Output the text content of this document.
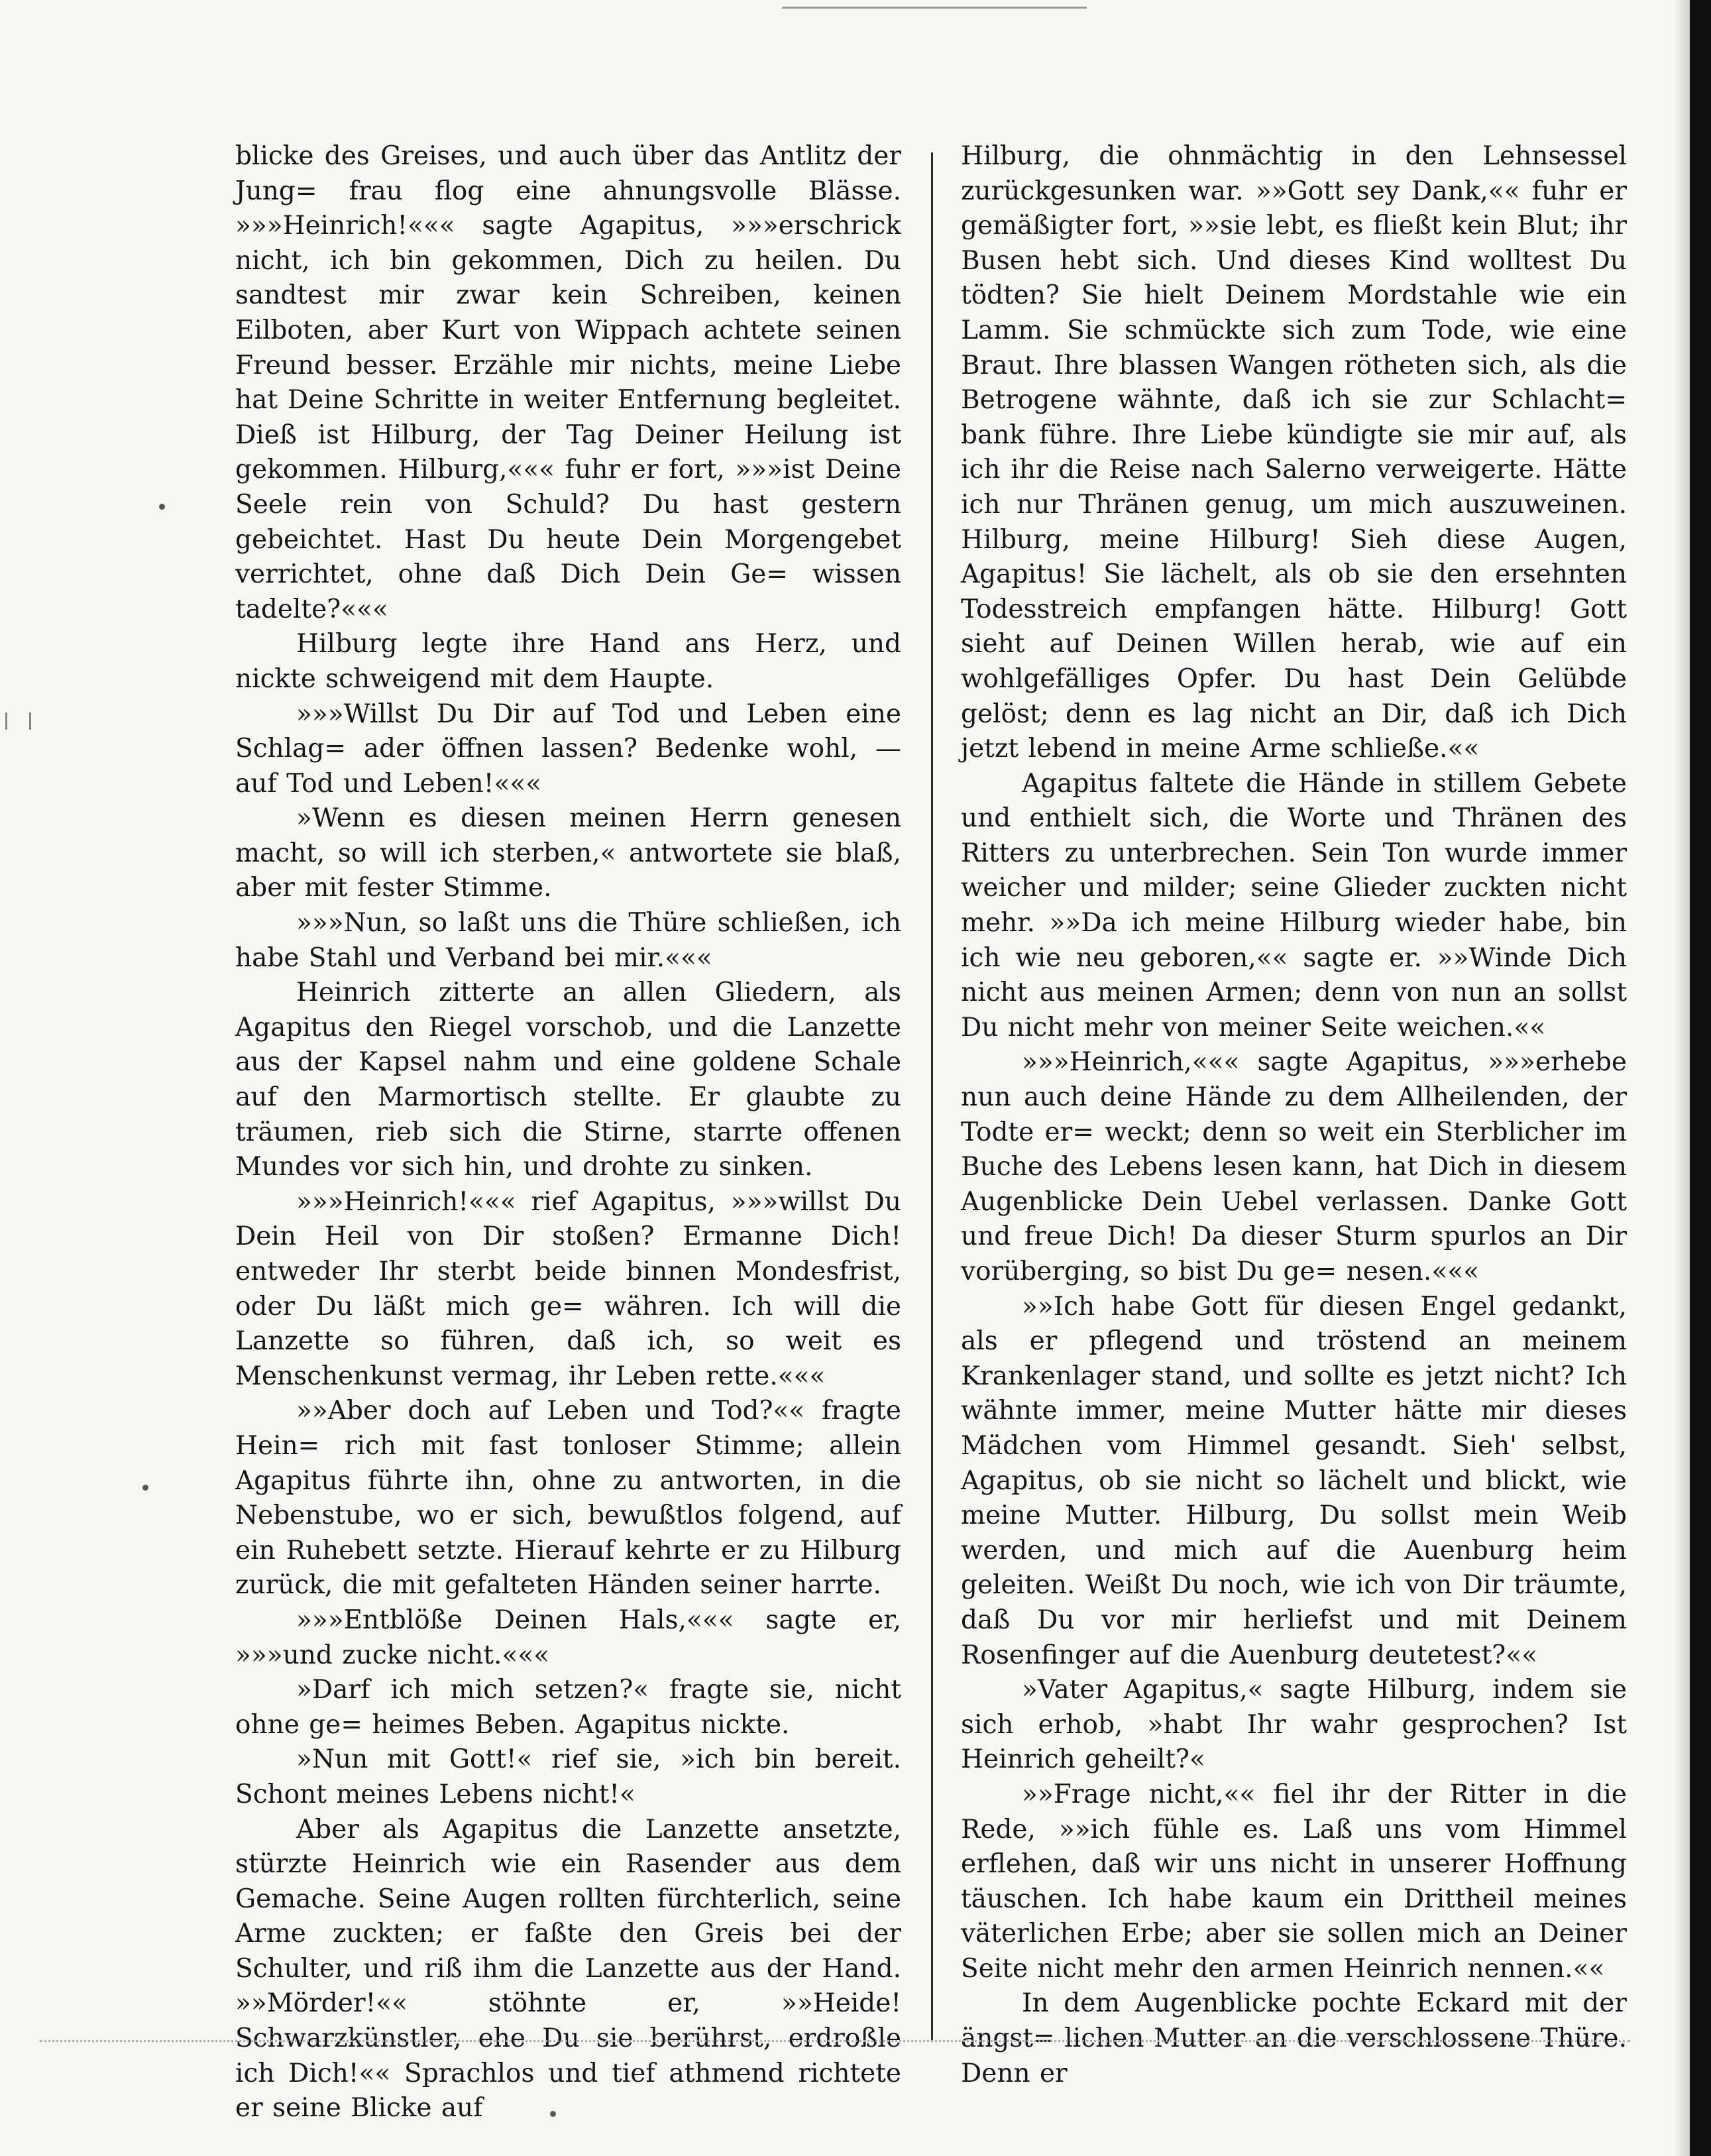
blicke des Greises, und auch über das Antlitz der Jung= frau flog eine ahnungsvolle Blässe. »»»Heinrich!««« sagte Agapitus, »»»erschrick nicht, ich bin gekommen, Dich zu heilen. Du sandtest mir zwar kein Schreiben, keinen Eilboten, aber Kurt von Wippach achtete seinen Freund besser. Erzähle mir nichts, meine Liebe hat Deine Schritte in weiter Entfernung begleitet. Dieß ist Hilburg, der Tag Deiner Heilung ist gekommen. Hilburg,««« fuhr er fort, »»»ist Deine Seele rein von Schuld? Du hast gestern gebeichtet. Hast Du heute Dein Morgengebet verrichtet, ohne daß Dich Dein Ge= wissen tadelte?«««

Hilburg legte ihre Hand ans Herz, und nickte schweigend mit dem Haupte.

»»»Willst Du Dir auf Tod und Leben eine Schlag= ader öffnen lassen? Bedenke wohl, — auf Tod und Leben!«««

»Wenn es diesen meinen Herrn genesen macht, so will ich sterben,« antwortete sie blaß, aber mit fester Stimme.

»»»Nun, so laßt uns die Thüre schließen, ich habe Stahl und Verband bei mir.«««

Heinrich zitterte an allen Gliedern, als Agapitus den Riegel vorschob, und die Lanzette aus der Kapsel nahm und eine goldene Schale auf den Marmortisch stellte. Er glaubte zu träumen, rieb sich die Stirne, starrte offenen Mundes vor sich hin, und drohte zu sinken.

»»»Heinrich!««« rief Agapitus, »»»willst Du Dein Heil von Dir stoßen? Ermanne Dich! entweder Ihr sterbt beide binnen Mondesfrist, oder Du läßt mich ge= währen. Ich will die Lanzette so führen, daß ich, so weit es Menschenkunst vermag, ihr Leben rette.«««

»»Aber doch auf Leben und Tod?«« fragte Hein= rich mit fast tonloser Stimme; allein Agapitus führte ihn, ohne zu antworten, in die Nebenstube, wo er sich, bewußtlos folgend, auf ein Ruhebett setzte. Hierauf kehrte er zu Hilburg zurück, die mit gefalteten Händen seiner harrte.

»»»Entblöße Deinen Hals,««« sagte er, »»»und zucke nicht.«««

»Darf ich mich setzen?« fragte sie, nicht ohne ge= heimes Beben. Agapitus nickte.

»Nun mit Gott!« rief sie, »ich bin bereit. Schont meines Lebens nicht!«

Aber als Agapitus die Lanzette ansetzte, stürzte Heinrich wie ein Rasender aus dem Gemache. Seine Augen rollten fürchterlich, seine Arme zuckten; er faßte den Greis bei der Schulter, und riß ihm die Lanzette aus der Hand. »»Mörder!«« stöhnte er, »»Heide! Schwarzkünstler, ehe Du sie berührst, erdroßle ich Dich!«« Sprachlos und tief athmend richtete er seine Blicke auf

Hilburg, die ohnmächtig in den Lehnsessel zurückgesunken war. »»Gott sey Dank,«« fuhr er gemäßigter fort, »»sie lebt, es fließt kein Blut; ihr Busen hebt sich. Und dieses Kind wolltest Du tödten? Sie hielt Deinem Mordstahle wie ein Lamm. Sie schmückte sich zum Tode, wie eine Braut. Ihre blassen Wangen rötheten sich, als die Betrogene wähnte, daß ich sie zur Schlacht= bank führe. Ihre Liebe kündigte sie mir auf, als ich ihr die Reise nach Salerno verweigerte. Hätte ich nur Thränen genug, um mich auszuweinen. Hilburg, meine Hilburg! Sieh diese Augen, Agapitus! Sie lächelt, als ob sie den ersehnten Todesstreich empfangen hätte. Hilburg! Gott sieht auf Deinen Willen herab, wie auf ein wohlgefälliges Opfer. Du hast Dein Gelübde gelöst; denn es lag nicht an Dir, daß ich Dich jetzt lebend in meine Arme schließe.««

Agapitus faltete die Hände in stillem Gebete und enthielt sich, die Worte und Thränen des Ritters zu unterbrechen. Sein Ton wurde immer weicher und milder; seine Glieder zuckten nicht mehr. »»Da ich meine Hilburg wieder habe, bin ich wie neu geboren,«« sagte er. »»Winde Dich nicht aus meinen Armen; denn von nun an sollst Du nicht mehr von meiner Seite weichen.««

»»»Heinrich,««« sagte Agapitus, »»»erhebe nun auch deine Hände zu dem Allheilenden, der Todte er= weckt; denn so weit ein Sterblicher im Buche des Lebens lesen kann, hat Dich in diesem Augenblicke Dein Uebel verlassen. Danke Gott und freue Dich! Da dieser Sturm spurlos an Dir vorüberging, so bist Du ge= nesen.«««

»»Ich habe Gott für diesen Engel gedankt, als er pflegend und tröstend an meinem Krankenlager stand, und sollte es jetzt nicht? Ich wähnte immer, meine Mutter hätte mir dieses Mädchen vom Himmel gesandt. Sieh' selbst, Agapitus, ob sie nicht so lächelt und blickt, wie meine Mutter. Hilburg, Du sollst mein Weib werden, und mich auf die Auenburg heim geleiten. Weißt Du noch, wie ich von Dir träumte, daß Du vor mir herliefst und mit Deinem Rosenfinger auf die Auenburg deutetest?««

»Vater Agapitus,« sagte Hilburg, indem sie sich erhob, »habt Ihr wahr gesprochen? Ist Heinrich geheilt?«

»»Frage nicht,«« fiel ihr der Ritter in die Rede, »»ich fühle es. Laß uns vom Himmel erflehen, daß wir uns nicht in unserer Hoffnung täuschen. Ich habe kaum ein Drittheil meines väterlichen Erbe; aber sie sollen mich an Deiner Seite nicht mehr den armen Heinrich nennen.««

In dem Augenblicke pochte Eckard mit der ängst= lichen Mutter an die verschlossene Thüre. Denn er
